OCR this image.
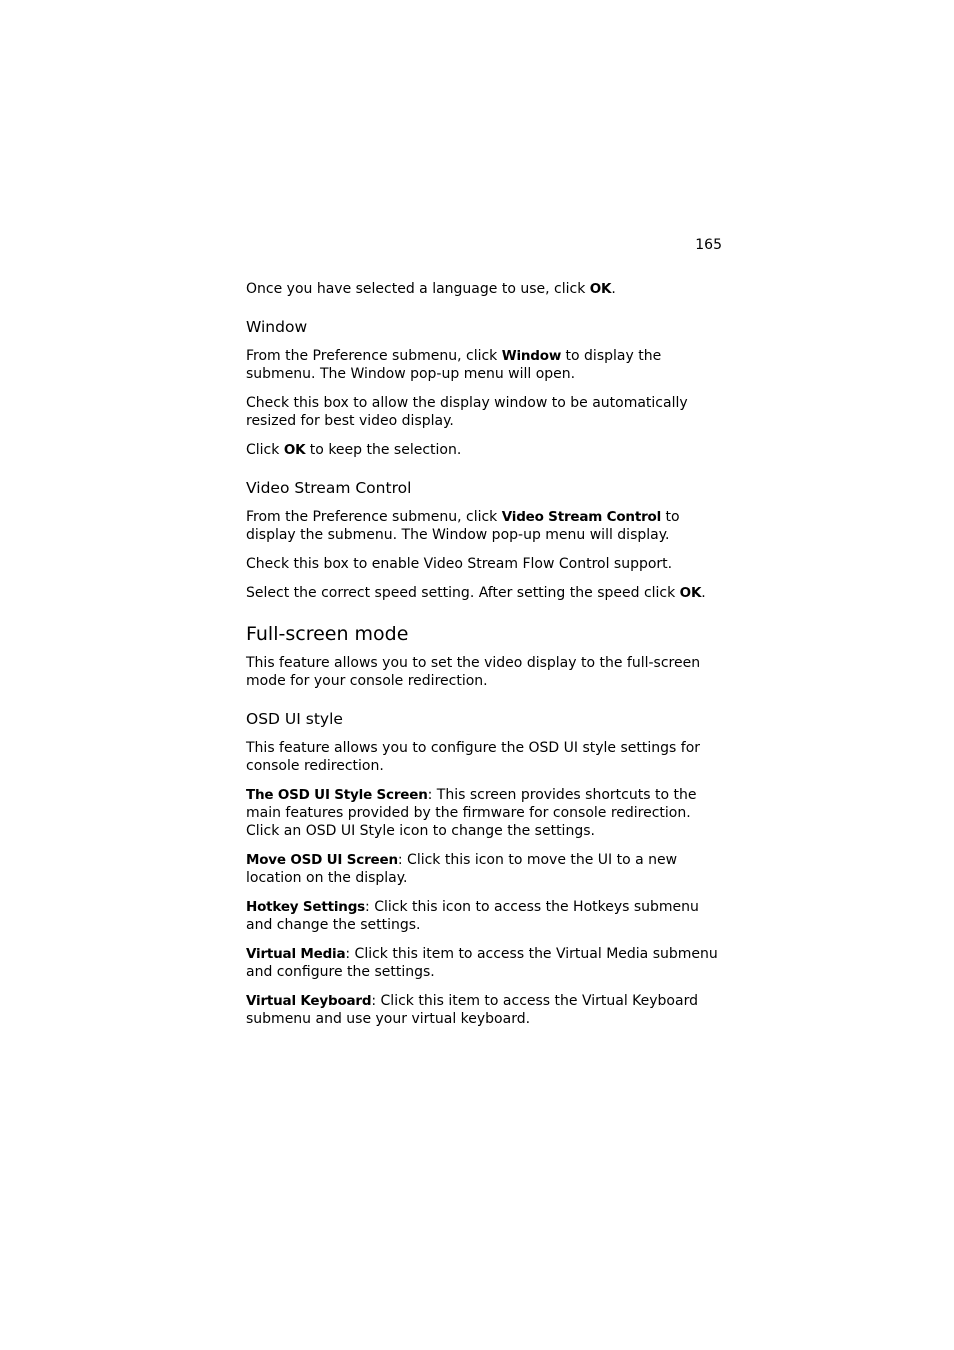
165

Once you have selected a language to use, click OK.

Window

From the Preference submenu, click Window to display the submenu. The Window pop-up menu will open.

Check this box to allow the display window to be automatically resized for best video display.

Click OK to keep the selection.

Video Stream Control

From the Preference submenu, click Video Stream Control to display the submenu. The Window pop-up menu will display.

Check this box to enable Video Stream Flow Control support.

Select the correct speed setting. After setting the speed click OK.

Full-screen mode

This feature allows you to set the video display to the full-screen mode for your console redirection.

OSD UI style

This feature allows you to configure the OSD UI style settings for console redirection.

The OSD UI Style Screen: This screen provides shortcuts to the main features provided by the firmware for console redirection. Click an OSD UI Style icon to change the settings.

Move OSD UI Screen: Click this icon to move the UI to a new location on the display.

Hotkey Settings: Click this icon to access the Hotkeys submenu and change the settings.

Virtual Media: Click this item to access the Virtual Media submenu and configure the settings.

Virtual Keyboard: Click this item to access the Virtual Keyboard submenu and use your virtual keyboard.
